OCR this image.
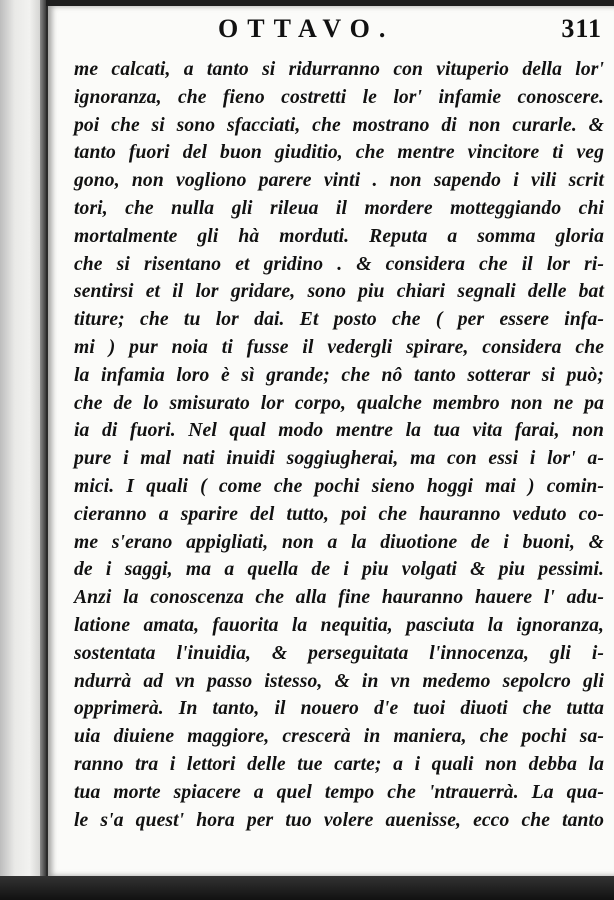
OTTAVO.	311
me calcati, a tanto si ridurranno con vituperio della lor'
ignoranza, che fieno costretti le lor' infamie conoscere.
poi che si sono sfacciati, che mostrano di non curarle. &
tanto fuori del buon giuditio, che mentre vincitore ti veg
gono, non vogliono parere vinti . non sapendo i vili scrit
tori, che nulla gli rileua il mordere motteggiando chi
mortalmente gli hà morduti. Reputa a somma gloria
che si risentano et gridino . & considera che il lor ri-
sentirsi et il lor gridare, sono piu chiari segnali delle bat
titure; che tu lor dai. Et posto che ( per essere infa-
mi ) pur noia ti fusse il vedergli spirare, considera che
la infamia loro è sì grande; che nô tanto sotterar si può;
che de lo smisurato lor corpo, qualche membro non ne pa
ia di fuori. Nel qual modo mentre la tua vita farai, non
pure i mal nati inuidi soggiugherai, ma con essi i lor' a-
mici. I quali ( come che pochi sieno hoggi mai ) comin-
cieranno a sparire del tutto, poi che hauranno veduto co-
me s'erano appigliati, non a la diuotione de i buoni, &
de i saggi, ma a quella de i piu volgati & piu pessimi.
Anzi la conoscenza che alla fine hauranno hauere l' adu-
latione amata, fauorita la nequitia, pasciuta la ignoranza,
sostentata l'inuidia, & perseguitata l'innocenza, gli i-
ndurrà ad vn passo istesso, & in vn medemo sepolcro gli
opprimerà. In tanto, il nouero d'e tuoi diuoti che tutta
uia diuiene maggiore, crescerà in maniera, che pochi sa-
ranno tra i lettori delle tue carte; a i quali non debba la
tua morte spiacere a quel tempo che 'ntrauerrà. La qua-
le s'a quest' hora per tuo volere auenisse, ecco che tanto
